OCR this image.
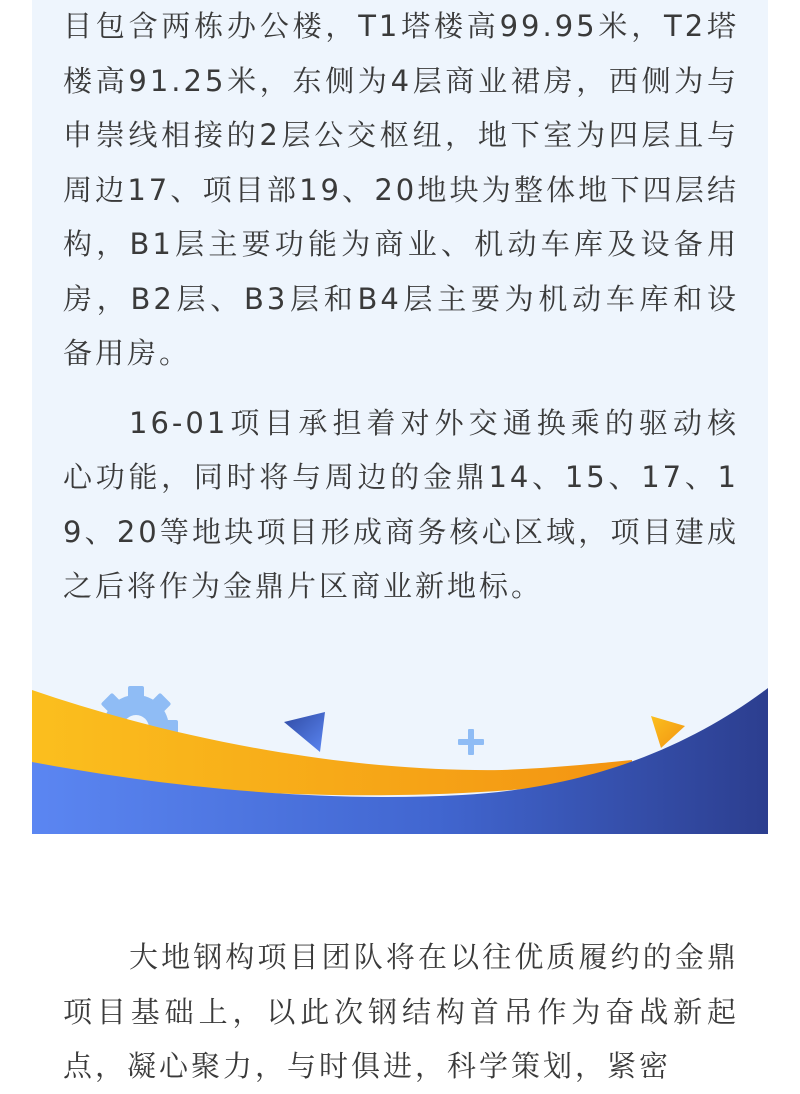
目包含两栋办公楼，T1塔楼高99.95米，T2塔楼高91.25米，东侧为4层商业裙房，西侧为与申崇线相接的2层公交枢纽，地下室为四层且与周边17、项目部19、20地块为整体地下四层结构，B1层主要功能为商业、机动车库及设备用房，B2层、B3层和B4层主要为机动车库和设备用房。

16-01项目承担着对外交通换乘的驱动核心功能，同时将与周边的金鼎14、15、17、19、20等地块项目形成商务核心区域，项目建成之后将作为金鼎片区商业新地标。

大地钢构项目团队将在以往优质履约的金鼎项目基础上，以此次钢结构首吊作为奋战新起点，凝心聚力，与时俱进，科学策划，紧密
